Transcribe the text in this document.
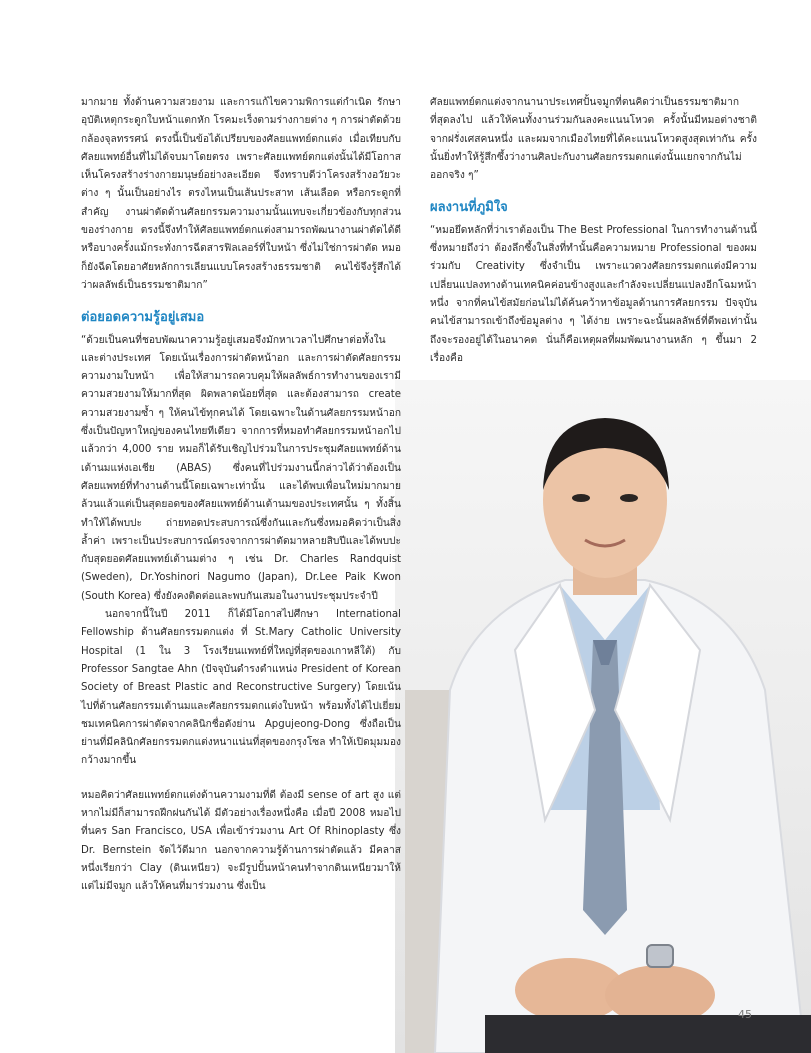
มากมาย ทั้งด้านความสวยงาม และการแก้ไขความพิการแต่กำเนิด รักษาอุบัติเหตุกระดูกใบหน้าแตกหัก โรคมะเร็งตามร่างกายต่าง ๆ การผ่าตัดด้วยกล้องจุลทรรศน์ ตรงนี้เป็นข้อได้เปรียบของศัลยแพทย์ตกแต่ง เมื่อเทียบกับศัลยแพทย์อื่นที่ไม่ได้จบมาโดยตรง เพราะศัลยแพทย์ตกแต่งนั้นได้มีโอกาสเห็นโครงสร้างร่างกายมนุษย์อย่างละเอียด จึงทราบดีว่าโครงสร้างอวัยวะต่าง ๆ นั้นเป็นอย่างไร ตรงไหนเป็นเส้นประสาท เส้นเลือด หรือกระดูกที่สำคัญ งานผ่าตัดด้านศัลยกรรมความงามนั้นแทบจะเกี่ยวข้องกับทุกส่วนของร่างกาย ตรงนี้จึงทำให้ศัลยแพทย์ตกแต่งสามารถพัฒนางานผ่าตัดได้ดี หรือบางครั้งแม้กระทั่งการฉีดสารฟิลเลอร์ที่ใบหน้า ซึ่งไม่ใช่การผ่าตัด หมอก็ยังฉีดโดยอาศัยหลักการเลียนแบบโครงสร้างธรรมชาติ คนไข้จึงรู้สึกได้ว่าผลลัพธ์เป็นธรรมชาติมาก”

ต่อยอดความรู้อยู่เสมอ

“ด้วยเป็นคนที่ชอบพัฒนาความรู้อยู่เสมอจึงมักหาเวลาไปศึกษาต่อทั้งในและต่างประเทศ โดยเน้นเรื่องการผ่าตัดหน้าอก และการผ่าตัดศัลยกรรมความงามใบหน้า เพื่อให้สามารถควบคุมให้ผลลัพธ์การทำงานของเรามีความสวยงามให้มากที่สุด ผิดพลาดน้อยที่สุด และต้องสามารถ create ความสวยงามซ้ำ ๆ ให้คนไข้ทุกคนได้ โดยเฉพาะในด้านศัลยกรรมหน้าอก ซึ่งเป็นปัญหาใหญ่ของคนไทยทีเดียว จากการที่หมอทำศัลยกรรมหน้าอกไปแล้วกว่า 4,000 ราย หมอก็ได้รับเชิญไปร่วมในการประชุมศัลยแพทย์ด้านเต้านมแห่งเอเชีย (ABAS) ซึ่งคนที่ไปร่วมงานนี้กล่าวได้ว่าต้องเป็นศัลยแพทย์ที่ทำงานด้านนี้โดยเฉพาะเท่านั้น และได้พบเพื่อนใหม่มากมาย ล้วนแล้วแต่เป็นสุดยอดของศัลยแพทย์ด้านเต้านมของประเทศนั้น ๆ ทั้งสิ้น ทำให้ได้พบปะ ถ่ายทอดประสบการณ์ซึ่งกันและกันซึ่งหมอคิดว่าเป็นสิ่งล้ำค่า เพราะเป็นประสบการณ์ตรงจากการผ่าตัดมาหลายสิบปีและได้พบปะกับสุดยอดศัลยแพทย์เต้านมต่าง ๆ เช่น Dr. Charles Randquist (Sweden), Dr.Yoshinori Nagumo (Japan), Dr.Lee Paik Kwon (South Korea) ซึ่งยังคงติดต่อและพบกันเสมอในงานประชุมประจำปี

นอกจากนี้ในปี 2011 ก็ได้มีโอกาสไปศึกษา International Fellowship ด้านศัลยกรรมตกแต่ง ที่ St.Mary Catholic University Hospital (1 ใน 3 โรงเรียนแพทย์ที่ใหญ่ที่สุดของเกาหลีใต้) กับ Professor Sangtae Ahn (ปัจจุบันดำรงตำแหน่ง President of Korean Society of Breast Plastic and Reconstructive Surgery) โดยเน้นไปที่ด้านศัลยกรรมเต้านมและศัลยกรรมตกแต่งใบหน้า พร้อมทั้งได้ไปเยี่ยมชมเทคนิคการผ่าตัดจากคลินิกชื่อดังย่าน Apgujeong-Dong ซึ่งถือเป็นย่านที่มีคลินิกศัลยกรรมตกแต่งหนาแน่นที่สุดของกรุงโซล ทำให้เปิดมุมมองกว้างมากขึ้น

หมอคิดว่าศัลยแพทย์ตกแต่งด้านความงามที่ดี ต้องมี sense of art สูง แต่หากไม่มีก็สามารถฝึกฝนกันได้ มีตัวอย่างเรื่องหนึ่งคือ เมื่อปี 2008 หมอไปที่นคร San Francisco, USA เพื่อเข้าร่วมงาน Art Of Rhinoplasty ซึ่ง Dr. Bernstein จัดไว้ดีมาก นอกจากความรู้ด้านการผ่าตัดแล้ว มีคลาสหนึ่งเรียกว่า Clay (ดินเหนียว) จะมีรูปปั้นหน้าคนทำจากดินเหนียวมาให้ แต่ไม่มีจมูก แล้วให้คนที่มาร่วมงาน ซึ่งเป็น

ศัลยแพทย์ตกแต่งจากนานาประเทศปั้นจมูกที่ตนคิดว่าเป็นธรรมชาติมากที่สุดลงไป แล้วให้คนทั้งงานร่วมกันลงคะแนนโหวต ครั้งนั้นมีหมอต่างชาติจากฝรั่งเศสคนหนึ่ง และผมจากเมืองไทยที่ได้คะแนนโหวตสูงสุดเท่ากัน ครั้งนั้นยิ่งทำให้รู้สึกซึ้งว่างานศิลปะกับงานศัลยกรรมตกแต่งนั้นแยกจากกันไม่ออกจริง ๆ”

ผลงานที่ภูมิใจ

“หมอยึดหลักที่ว่าเราต้องเป็น The Best Professional ในการทำงานด้านนี้ ซึ่งหมายถึงว่า ต้องลึกซึ้งในสิ่งที่ทำนั้นคือความหมาย Professional ของผม ร่วมกับ Creativity ซึ่งจำเป็น เพราะแวดวงศัลยกรรมตกแต่งมีความเปลี่ยนแปลงทางด้านเทคนิคค่อนข้างสูงและกำลังจะเปลี่ยนแปลงอีกโฉมหน้าหนึ่ง จากที่คนไข้สมัยก่อนไม่ได้ค้นคว้าหาข้อมูลด้านการศัลยกรรม ปัจจุบันคนไข้สามารถเข้าถึงข้อมูลต่าง ๆ ได้ง่าย เพราะฉะนั้นผลลัพธ์ที่ดีพอเท่านั้นถึงจะรองอยู่ได้ในอนาคต นั่นก็คือเหตุผลที่ผมพัฒนางานหลัก ๆ ขึ้นมา 2 เรื่องคือ

45
